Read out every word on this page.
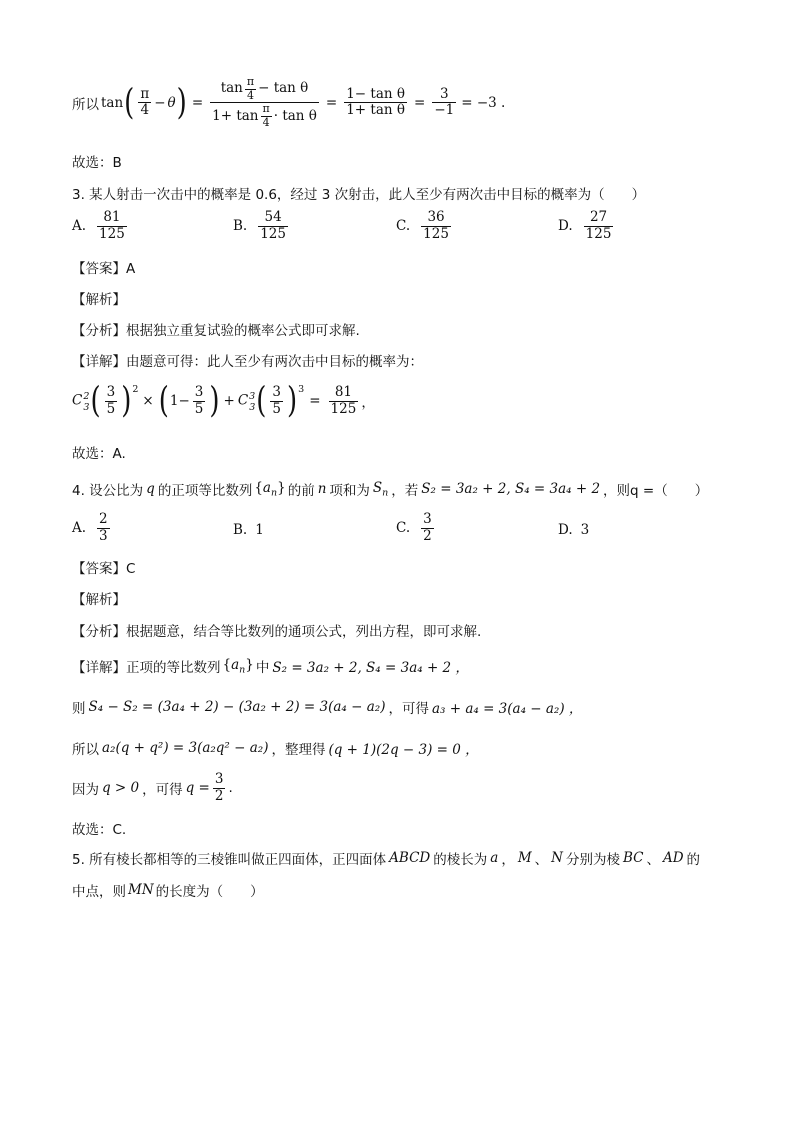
所以 tan ( $\frac{\pi}{4} - \theta$ ) = $\frac{\tan \frac{\pi}{4} - \tan \theta}{1+ \tan \frac{\pi}{4} \cdot \tan \theta} = \frac{\text{1− tan θ}}{\text{1+ tan θ}} = \frac{3}{-1} = -3$ .
故选：B
3. 某人射击一次击中的概率是 0.6，经过 3 次射击，此人至少有两次击中目标的概率为（　　）
A. $\frac{81}{125}$	B. $\frac{54}{125}$	C. $\frac{36}{125}$	D. $\frac{27}{125}$
【答案】A
【解析】
【分析】根据独立重复试验的概率公式即可求解.
【详解】由题意可得：此人至少有两次击中目标的概率为：
$C^2_3$ ( $\frac{3}{5} )^2$
× ( $1- \frac{3}{5}$ ) + $C^3_3$ ( $\frac{3}{5} )^3$
= $\frac{81}{125}$ ，
故选：A.
4. 设公比为 q 的正项等比数列 $\{a_n\}$ 的前 n 项和为 $S_n$ ，若 S₂ = 3a₂ + 2, S₄ = 3a₄ + 2 ，则 q =（　　）
A. $\frac{2}{3}$	B. 1	C. $\frac{3}{2}$	D. 3
【答案】C
【解析】
【分析】根据题意，结合等比数列的通项公式，列出方程，即可求解.
【详解】 正项的等比数列 $\{a_n\}$ 中 S₂ = 3a₂ + 2, S₄ = 3a₄ + 2 ，
则 S₄ − S₂ = (3a₄ + 2) − (3a₂ + 2) = 3(a₄ − a₂) ，可得 a₃ + a₄ = 3(a₄ − a₂) ，
所以 a₂(q + q²) = 3(a₂q² − a₂) ，整理得 (q + 1)(2q − 3) = 0 ，
因为 q > 0 ，可得 $q = \frac{3}{2}$ .
故选：C.
5. 所有棱长都相等的三棱锥叫做正四面体，正四面体 ABCD 的棱长为 a ， M 、 N 分别为棱 BC 、 AD 的
中点，则 MN 的长度为（　　）
